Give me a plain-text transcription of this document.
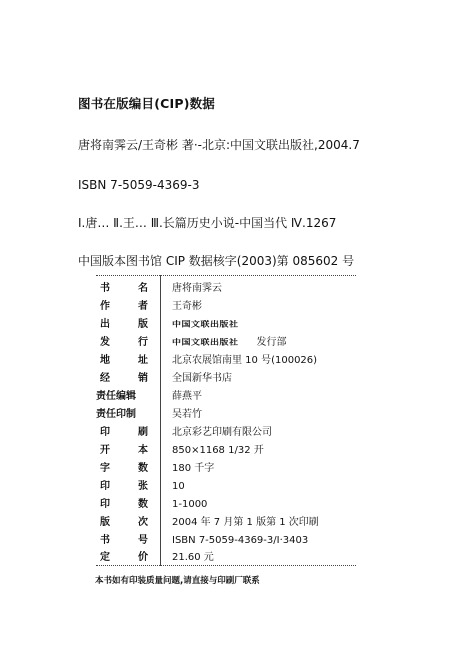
图书在版编目(CIP)数据
唐将南霁云/王奇彬 著·-北京:中国文联出版社,2004.7
ISBN 7-5059-4369-3
Ⅰ.唐… Ⅱ.王… Ⅲ.长篇历史小说-中国当代 Ⅳ.1267
中国版本图书馆 CIP 数据核字(2003)第 085602 号
书	名 唐将南霁云
作	者 王奇彬
出	版	中国文联出版社
发	行	中国文联出版社 发行部
地	址 北京农展馆南里 10 号(100026)
经	销 全国新华书店
责任编辑	薛燕平
责任印制	吴若竹
印	刷 北京彩艺印刷有限公司
开	本 850×1168 1/32 开
字	数 180 千字
印	张 10
印	数 1-1000
版	次 2004 年 7 月第 1 版第 1 次印刷
书	号 ISBN 7-5059-4369-3/I·3403
定	价 21.60 元
本书如有印装质量问题,请直接与印刷厂联系
